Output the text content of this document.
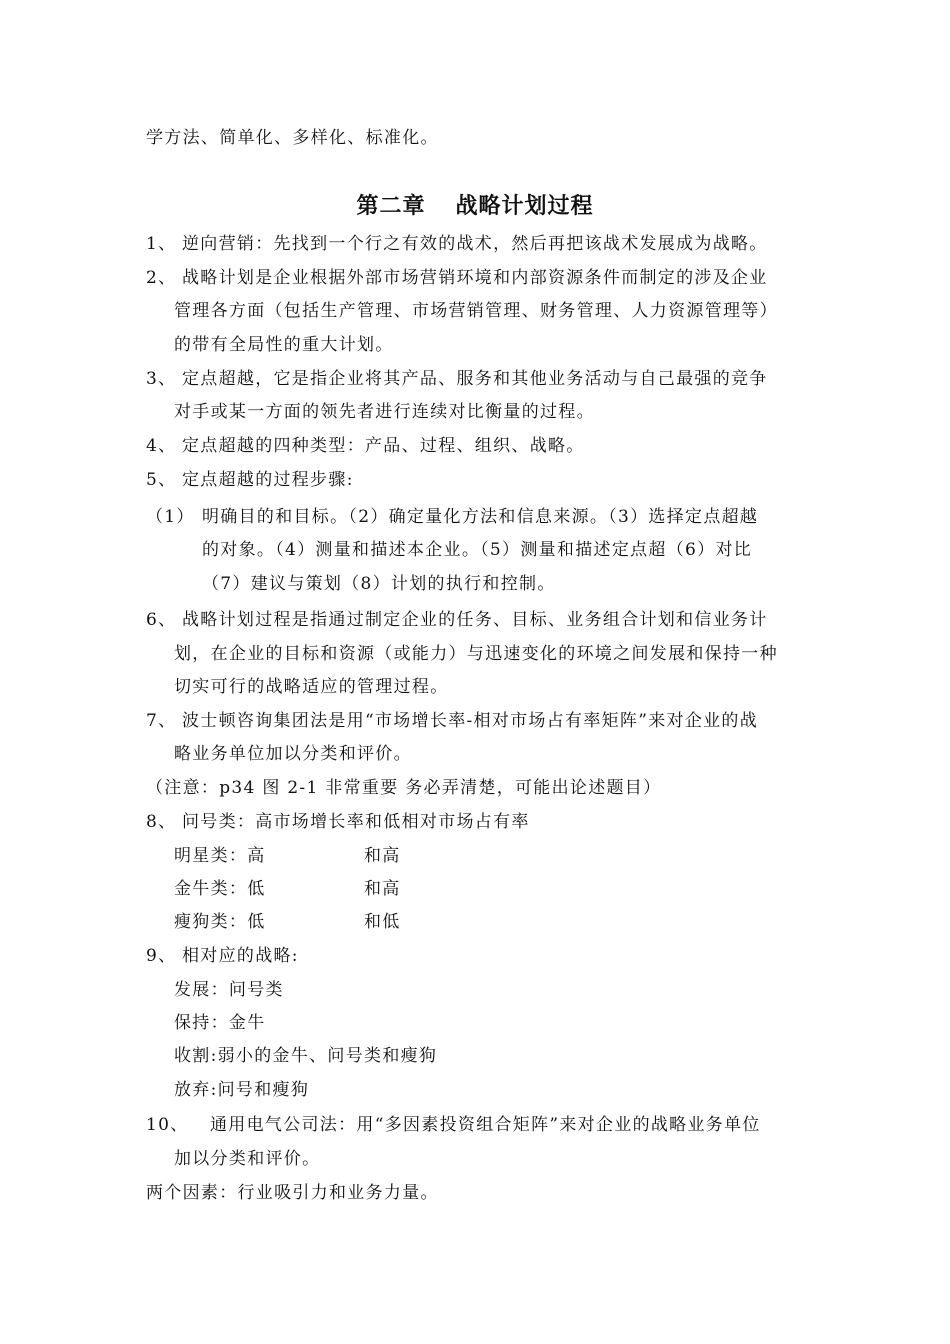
学方法、简单化、多样化、标准化。
第二章 战略计划过程
1、 逆向营销：先找到一个行之有效的战术，然后再把该战术发展成为战略。
2、 战略计划是企业根据外部市场营销环境和内部资源条件而制定的涉及企业
管理各方面（包括生产管理、市场营销管理、财务管理、人力资源管理等）
的带有全局性的重大计划。
3、 定点超越，它是指企业将其产品、服务和其他业务活动与自己最强的竞争
对手或某一方面的领先者进行连续对比衡量的过程。
4、 定点超越的四种类型：产品、过程、组织、战略。
5、 定点超越的过程步骤:
（1） 明确目的和目标。（2）确定量化方法和信息来源。（3）选择定点超越
的对象。（4）测量和描述本企业。（5）测量和描述定点超（6）对比
（7）建议与策划（8）计划的执行和控制。
6、 战略计划过程是指通过制定企业的任务、目标、业务组合计划和信业务计
划，在企业的目标和资源（或能力）与迅速变化的环境之间发展和保持一种
切实可行的战略适应的管理过程。
7、 波士顿咨询集团法是用“市场增长率-相对市场占有率矩阵”来对企业的战
略业务单位加以分类和评价。
（注意：p34 图 2-1 非常重要 务必弄清楚，可能出论述题目）
8、 问号类：高市场增长率和低相对市场占有率
明星类：高	和高
金牛类：低	和高
瘦狗类：低	和低
9、 相对应的战略:
发展：问号类
保持：金牛
收割:弱小的金牛、问号类和瘦狗
放弃:问号和瘦狗
10、 通用电气公司法：用“多因素投资组合矩阵”来对企业的战略业务单位
加以分类和评价。
两个因素：行业吸引力和业务力量。
